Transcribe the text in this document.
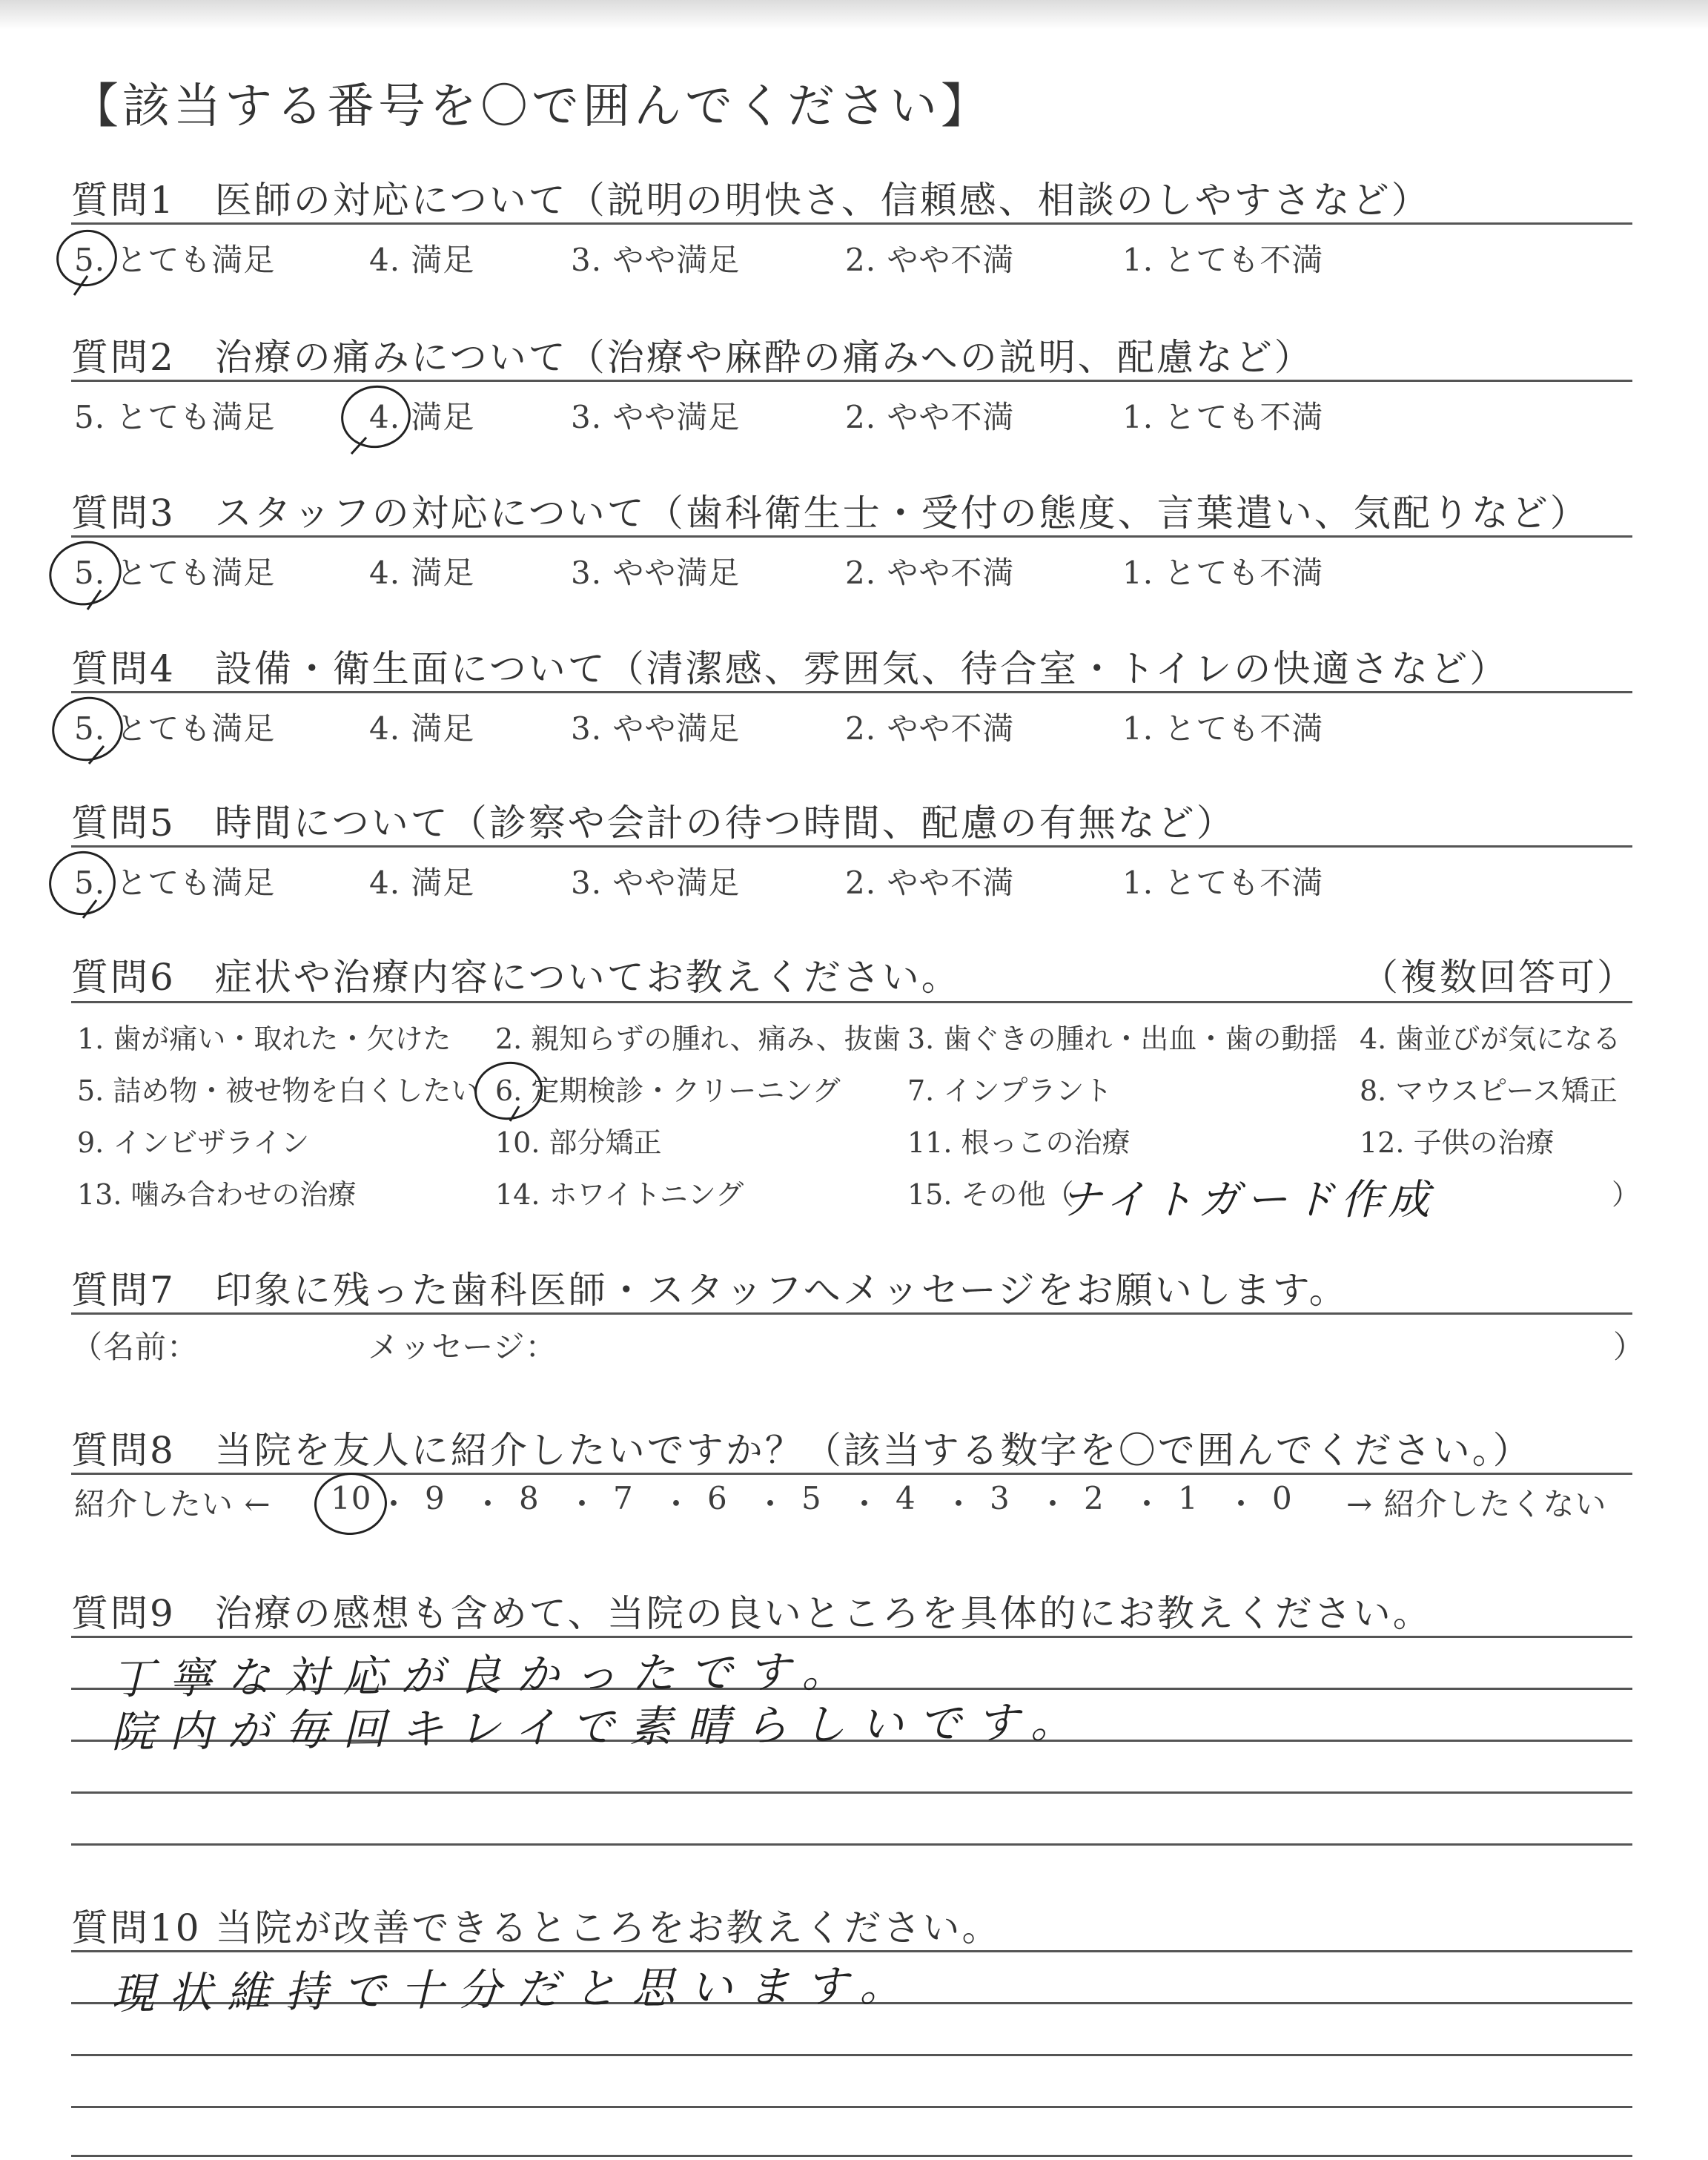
【該当する番号を〇で囲んでください】
質問1　医師の対応について（説明の明快さ、信頼感、相談のしやすさなど）
5. とても満足	4. 満足	3. やや満足	2. やや不満	1. とても不満
質問2　治療の痛みについて（治療や麻酔の痛みへの説明、配慮など）
5. とても満足	4. 満足	3. やや満足	2. やや不満	1. とても不満
質問3　スタッフの対応について（歯科衛生士・受付の態度、言葉遣い、気配りなど）
5. とても満足	4. 満足	3. やや満足	2. やや不満	1. とても不満
質問4　設備・衛生面について（清潔感、雰囲気、待合室・トイレの快適さなど）
5. とても満足	4. 満足	3. やや満足	2. やや不満	1. とても不満
質問5　時間について（診察や会計の待つ時間、配慮の有無など）
5. とても満足	4. 満足	3. やや満足	2. やや不満	1. とても不満
質問6　症状や治療内容についてお教えください。	（複数回答可）
1. 歯が痛い・取れた・欠けた 2. 親知らずの腫れ、痛み、抜歯 3. 歯ぐきの腫れ・出血・歯の動揺 4. 歯並びが気になる
5. 詰め物・被せ物を白くしたい 6. 定期検診・クリーニング 7. インプラント	8. マウスピース矯正
9. インビザライン	10. 部分矯正	11. 根っこの治療	12. 子供の治療
13. 噛み合わせの治療	14. ホワイトニング	15. その他（
ナイトガード作成	）
質問7　印象に残った歯科医師・スタッフへメッセージをお願いします。
（名前：	メッセージ：	）
質問8　当院を友人に紹介したいですか？（該当する数字を〇で囲んでください。）
紹介したい ←	→ 紹介したくない
10 ・ 9 ・ 8 ・ 7 ・ 6 ・ 5 ・ 4 ・ 3 ・ 2 ・ 1 ・ 0
質問9　治療の感想も含めて、当院の良いところを具体的にお教えください。
丁寧な対応が良かったです。
院内が毎回キレイで素晴らしいです。
質問10 当院が改善できるところをお教えください。
現状維持で十分だと思います。
